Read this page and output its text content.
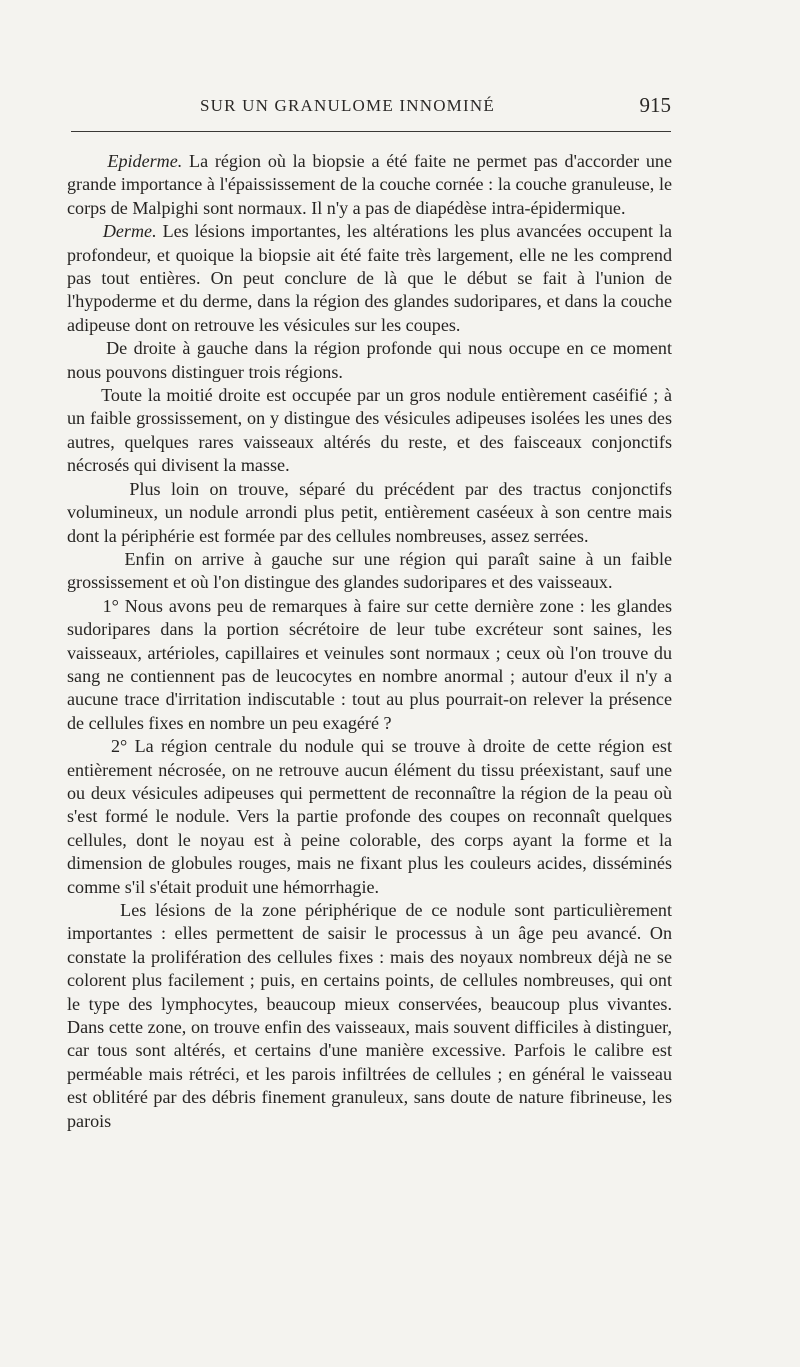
SUR UN GRANULOME INNOMINÉ	915

Epiderme. La région où la biopsie a été faite ne permet pas d'accorder une grande importance à l'épaississement de la couche cornée : la couche granuleuse, le corps de Malpighi sont normaux. Il n'y a pas de diapédèse intra-épidermique.

Derme. Les lésions importantes, les altérations les plus avancées occupent la profondeur, et quoique la biopsie ait été faite très largement, elle ne les comprend pas tout entières. On peut conclure de là que le début se fait à l'union de l'hypoderme et du derme, dans la région des glandes sudoripares, et dans la couche adipeuse dont on retrouve les vésicules sur les coupes.

De droite à gauche dans la région profonde qui nous occupe en ce moment nous pouvons distinguer trois régions.

Toute la moitié droite est occupée par un gros nodule entièrement caséifié ; à un faible grossissement, on y distingue des vésicules adipeuses isolées les unes des autres, quelques rares vaisseaux altérés du reste, et des faisceaux conjonctifs nécrosés qui divisent la masse.

Plus loin on trouve, séparé du précédent par des tractus conjonctifs volumineux, un nodule arrondi plus petit, entièrement caséeux à son centre mais dont la périphérie est formée par des cellules nombreuses, assez serrées.

Enfin on arrive à gauche sur une région qui paraît saine à un faible grossissement et où l'on distingue des glandes sudoripares et des vaisseaux.

1° Nous avons peu de remarques à faire sur cette dernière zone : les glandes sudoripares dans la portion sécrétoire de leur tube excréteur sont saines, les vaisseaux, artérioles, capillaires et veinules sont normaux ; ceux où l'on trouve du sang ne contiennent pas de leucocytes en nombre anormal ; autour d'eux il n'y a aucune trace d'irritation indiscutable : tout au plus pourrait-on relever la présence de cellules fixes en nombre un peu exagéré ?

2° La région centrale du nodule qui se trouve à droite de cette région est entièrement nécrosée, on ne retrouve aucun élément du tissu préexistant, sauf une ou deux vésicules adipeuses qui permettent de reconnaître la région de la peau où s'est formé le nodule. Vers la partie profonde des coupes on reconnaît quelques cellules, dont le noyau est à peine colorable, des corps ayant la forme et la dimension de globules rouges, mais ne fixant plus les couleurs acides, disséminés comme s'il s'était produit une hémorrhagie.

Les lésions de la zone périphérique de ce nodule sont particulièrement importantes : elles permettent de saisir le processus à un âge peu avancé. On constate la prolifération des cellules fixes : mais des noyaux nombreux déjà ne se colorent plus facilement ; puis, en certains points, de cellules nombreuses, qui ont le type des lymphocytes, beaucoup mieux conservées, beaucoup plus vivantes. Dans cette zone, on trouve enfin des vaisseaux, mais souvent difficiles à distinguer, car tous sont altérés, et certains d'une manière excessive. Parfois le calibre est perméable mais rétréci, et les parois infiltrées de cellules ; en général le vaisseau est oblitéré par des débris finement granuleux, sans doute de nature fibrineuse, les parois
